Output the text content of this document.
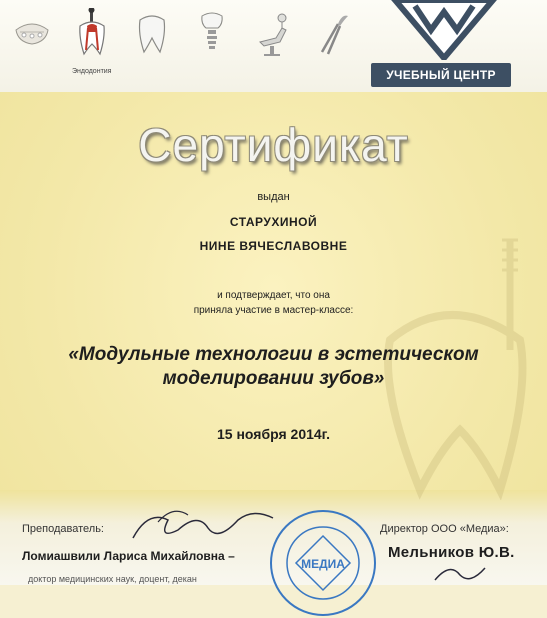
Эндодонтия	УЧЕБНЫЙ ЦЕНТР
Сертификат
выдан
СТАРУХИНОЙ
НИНЕ ВЯЧЕСЛАВОВНЕ
и подтверждает, что она
приняла участие в мастер-классе:
«Модульные технологии в эстетическом
моделировании зубов»
15 ноября 2014г.
Преподаватель:
Ломиашвили Лариса Михайловна –
доктор медицинских наук, доцент, декан
МЕДИА
Директор ООО «Медиа»:
Мельников Ю.В.
